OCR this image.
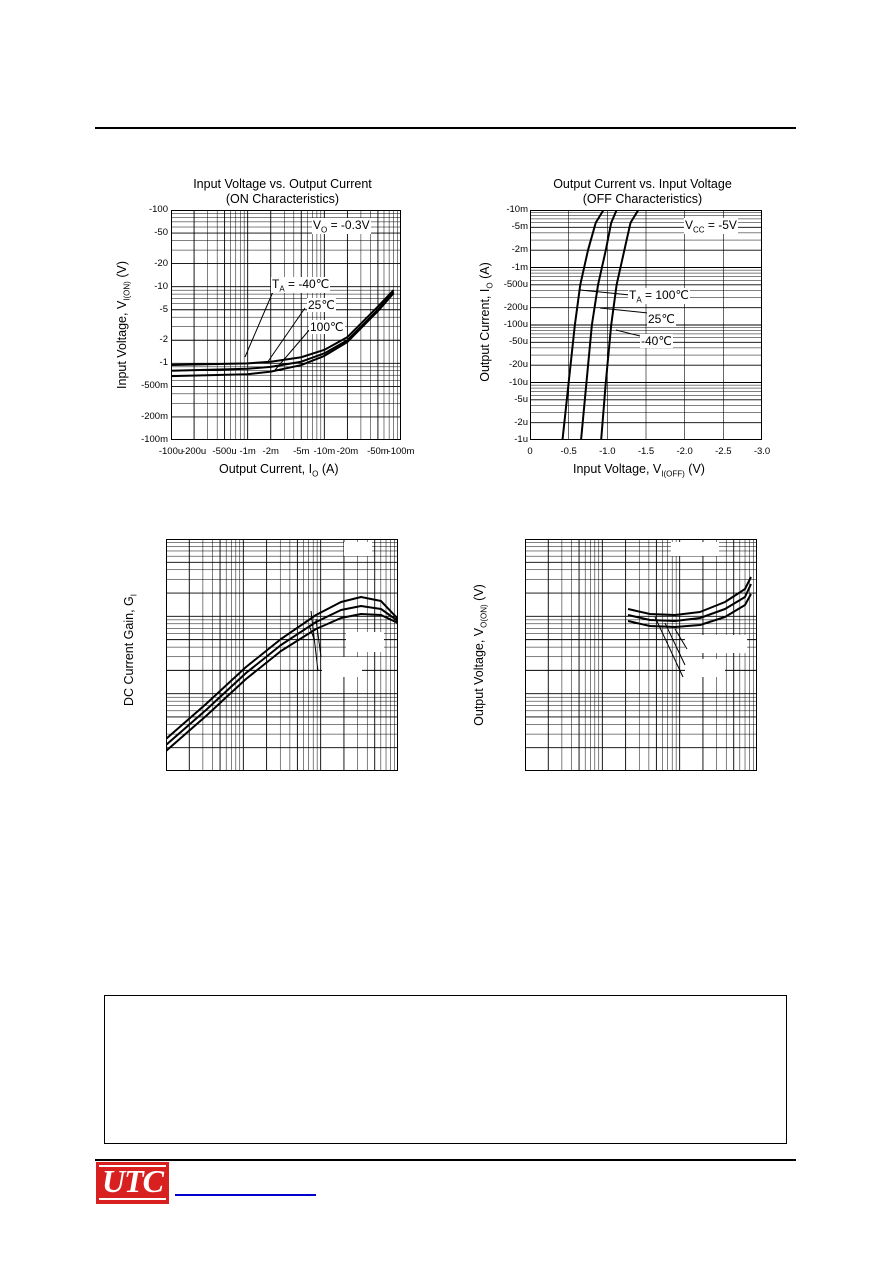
Input Voltage vs. Output Current
(ON Characteristics)
-100
-50
-20
-10
-5
-2
-1
-500m
-200m
-100m
-100u
-200u -500u -1m -2m -5m -10m -20m -50m
-100m
Input Voltage, $V_{I(ON)}$ (V)
Output Current, $I_O$ (A)
$V_O = -0.3V$
$T_A$ = -40℃
25℃
100℃
Output Current vs. Input Voltage
(OFF Characteristics)
-10m
-5m
-2m
-1m
-500u
-200u
-100u
-50u
-20u
-10u
-5u
-2u
-1u
0	-0.5 -1.0 -1.5 -2.0 -2.5 -3.0
Output Current, $I_O$ (A)
Input Voltage, $V_{I(OFF)}$ (V)
$V_{CC} = -5V$
$T_A$ = 100℃
25℃
-40℃
DC Current Gain, $G_I$
Output Voltage, $V_{O(ON)}$ (V)
UTC
